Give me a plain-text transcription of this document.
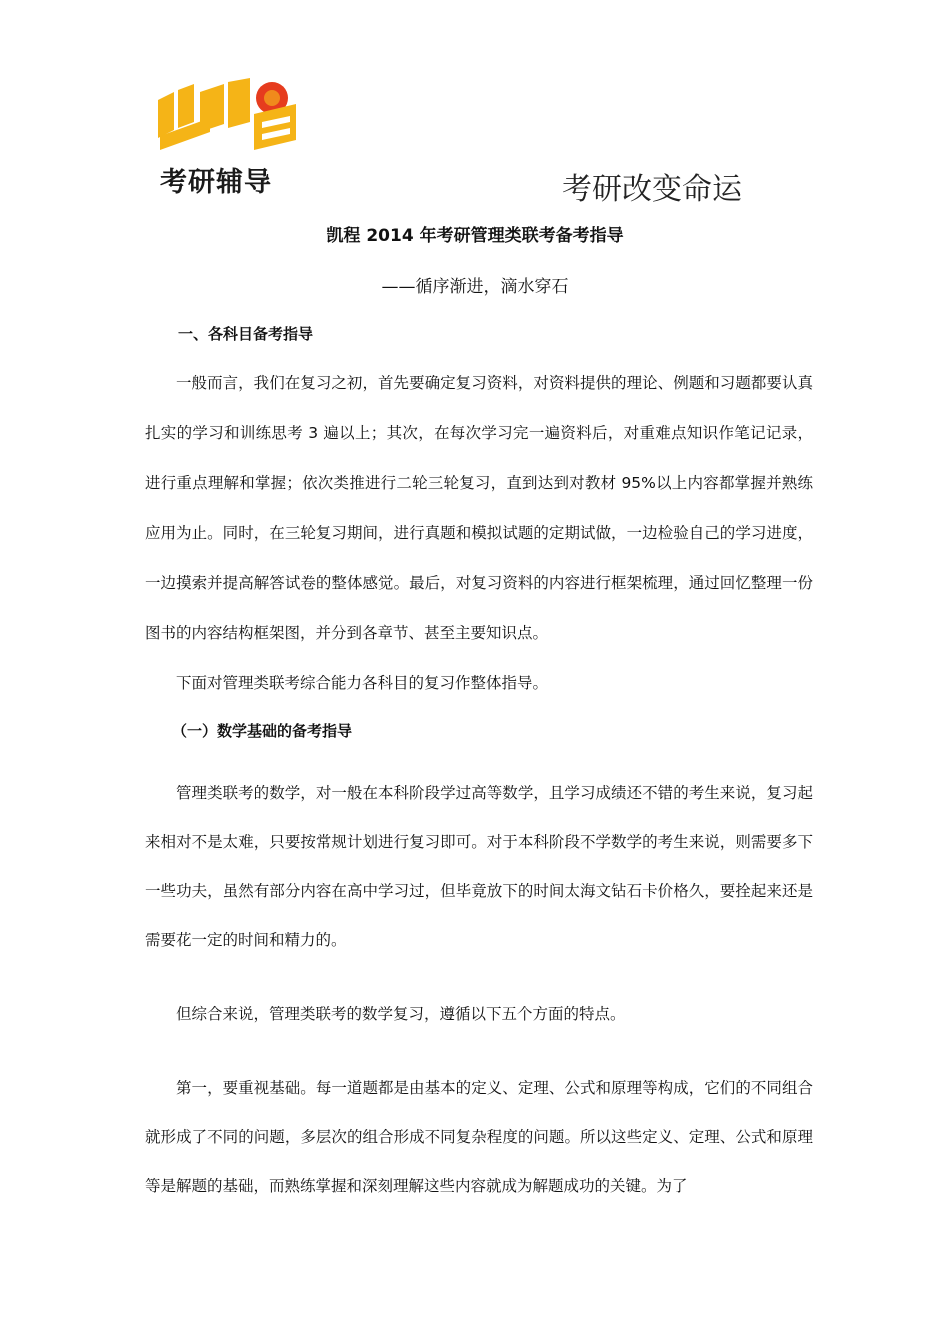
考研辅导	考研改变命运
凯程 2014 年考研管理类联考备考指导
——循序渐进，滴水穿石
一、各科目备考指导
一般而言，我们在复习之初，首先要确定复习资料，对资料提供的理论、例题和习题都要认真扎实的学习和训练思考 3 遍以上；其次，在每次学习完一遍资料后，对重难点知识作笔记记录，进行重点理解和掌握；依次类推进行二轮三轮复习，直到达到对教材 95%以上内容都掌握并熟练应用为止。同时，在三轮复习期间，进行真题和模拟试题的定期试做，一边检验自己的学习进度，一边摸索并提高解答试卷的整体感觉。最后，对复习资料的内容进行框架梳理，通过回忆整理一份图书的内容结构框架图，并分到各章节、甚至主要知识点。
下面对管理类联考综合能力各科目的复习作整体指导。
（一）数学基础的备考指导
管理类联考的数学，对一般在本科阶段学过高等数学，且学习成绩还不错的考生来说，复习起来相对不是太难，只要按常规计划进行复习即可。对于本科阶段不学数学的考生来说，则需要多下一些功夫，虽然有部分内容在高中学习过，但毕竟放下的时间太海文钻石卡价格久，要拴起来还是需要花一定的时间和精力的。
但综合来说，管理类联考的数学复习，遵循以下五个方面的特点。
第一，要重视基础。每一道题都是由基本的定义、定理、公式和原理等构成，它们的不同组合就形成了不同的问题，多层次的组合形成不同复杂程度的问题。所以这些定义、定理、公式和原理等是解题的基础，而熟练掌握和深刻理解这些内容就成为解题成功的关键。为了
